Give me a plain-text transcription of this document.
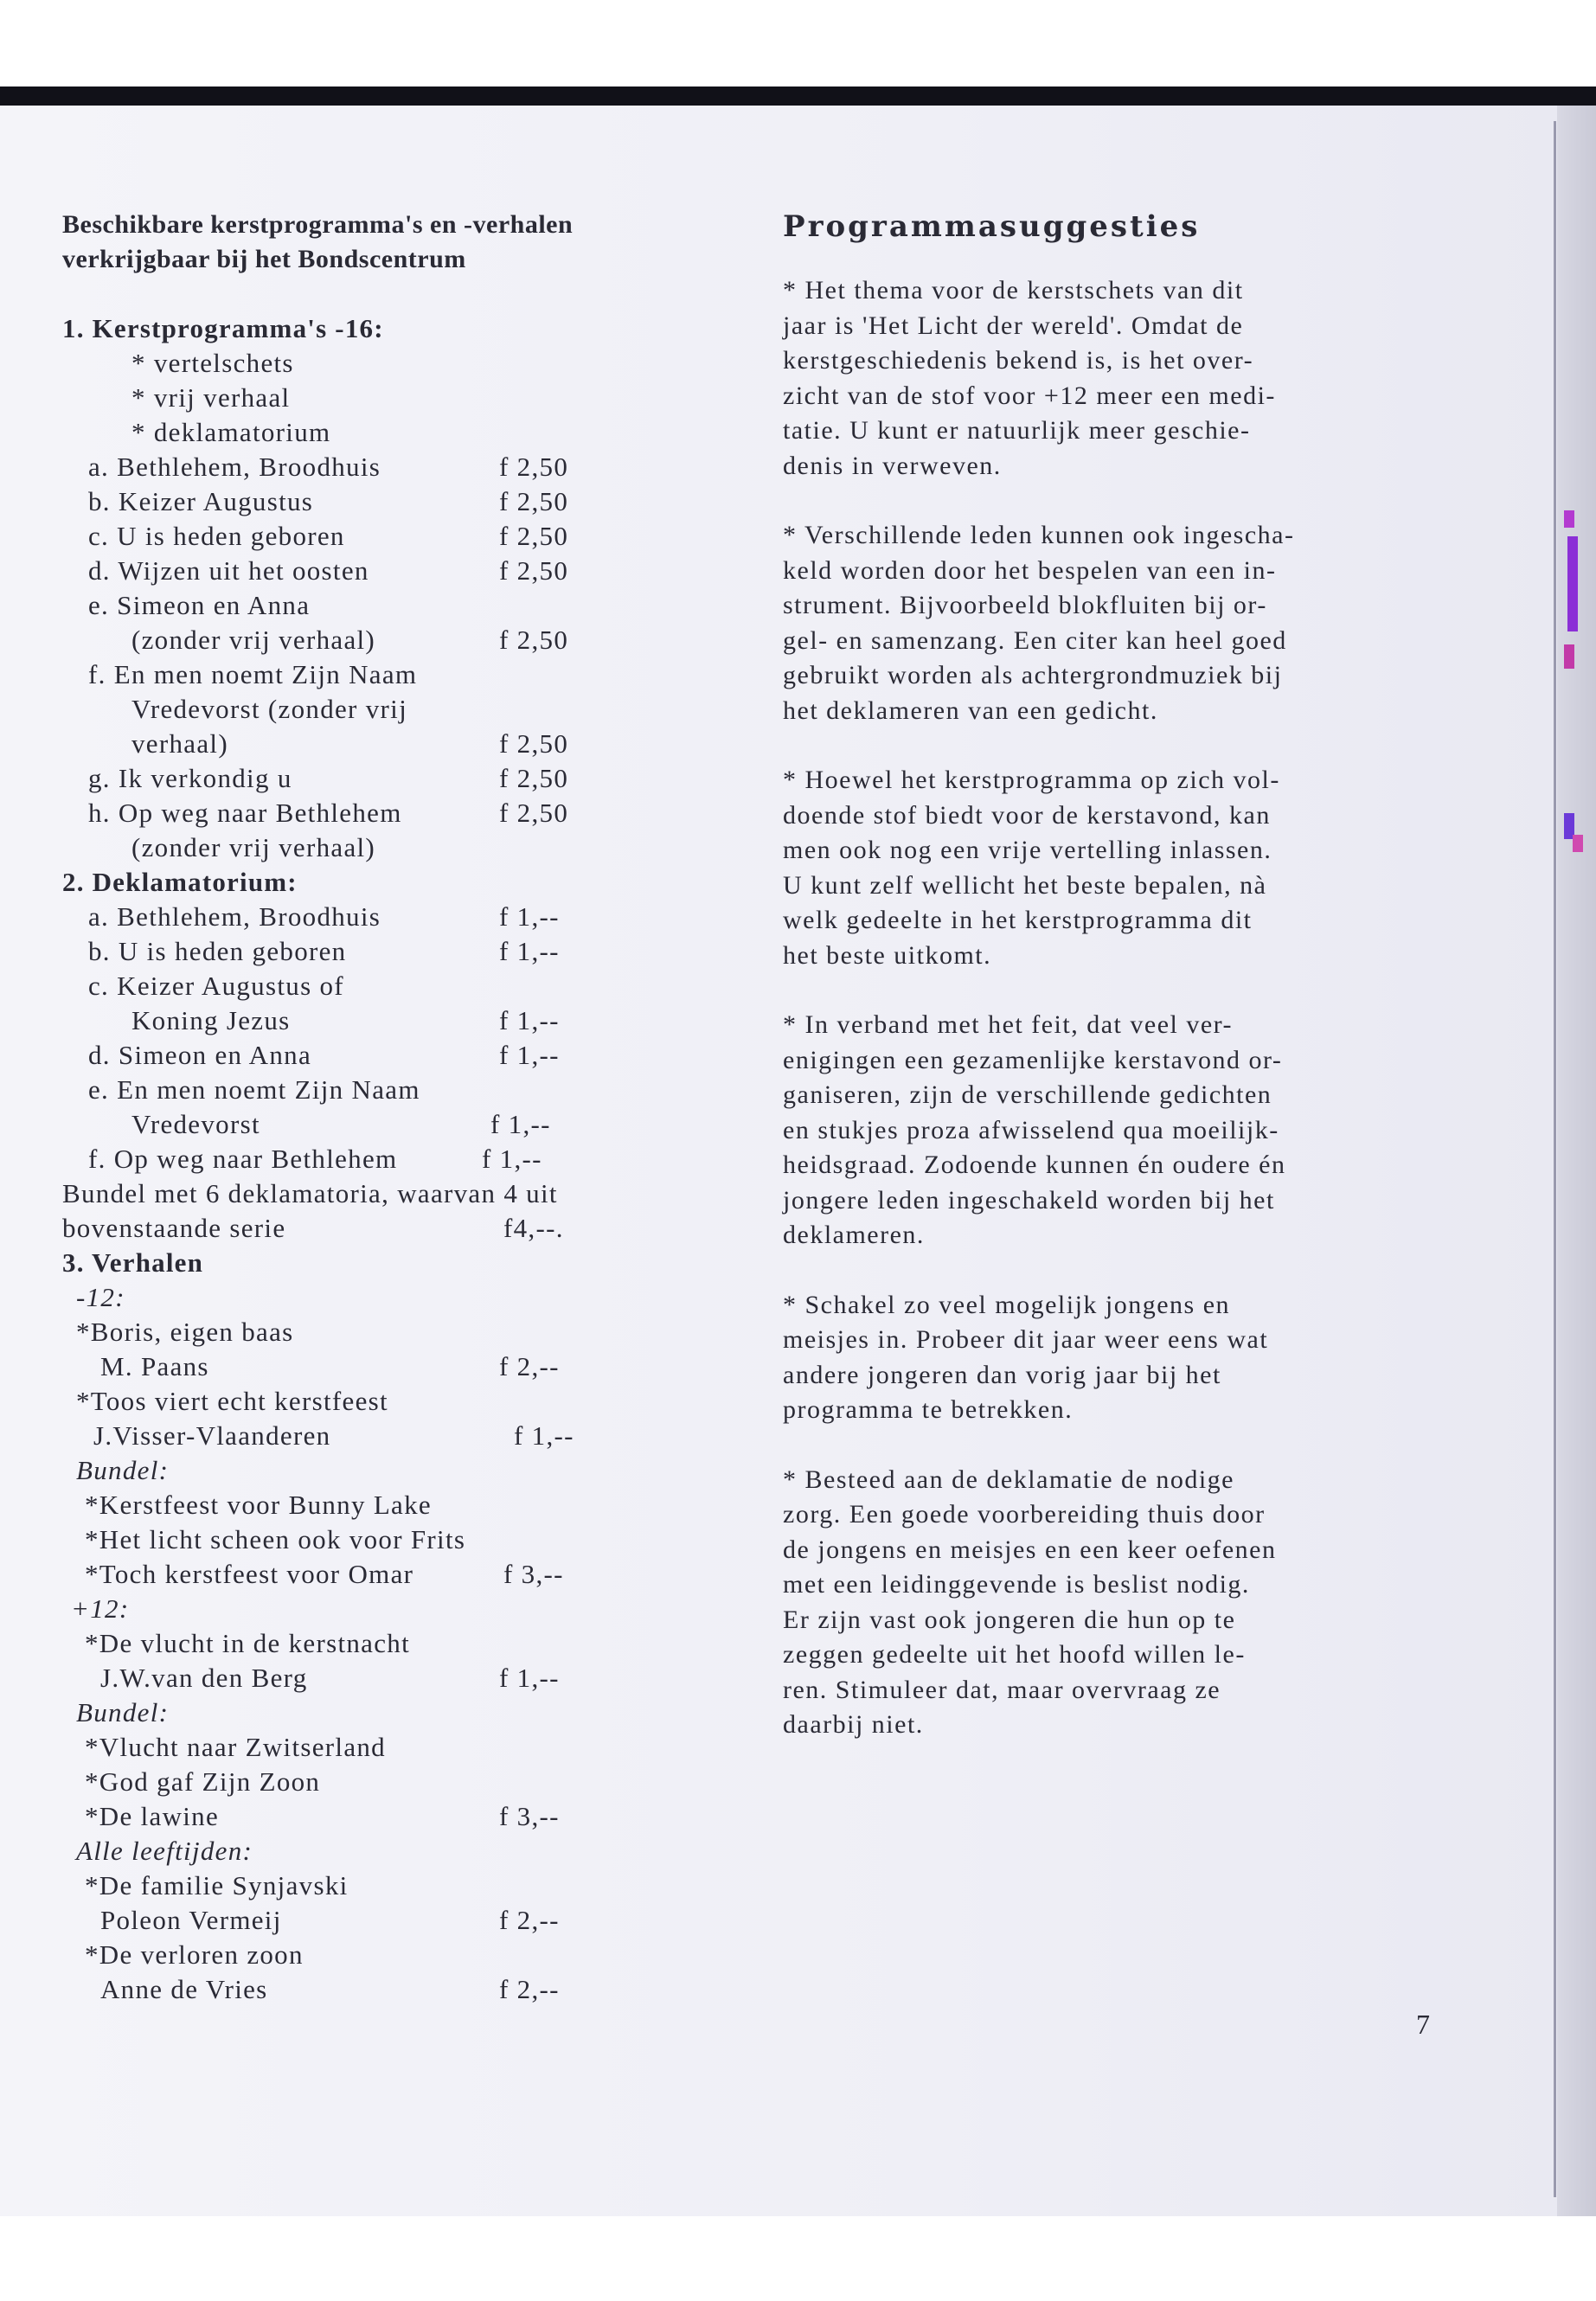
Beschikbare kerstprogramma's en -verhalen
verkrijgbaar bij het Bondscentrum
1. Kerstprogramma's -16:
* vertelschets
* vrij verhaal
* deklamatorium
a. Bethlehem, Broodhuis	f 2,50
b. Keizer Augustus	f 2,50
c. U is heden geboren	f 2,50
d. Wijzen uit het oosten	f 2,50
e. Simeon en Anna
(zonder vrij verhaal)	f 2,50
f. En men noemt Zijn Naam
Vredevorst (zonder vrij
verhaal)	f 2,50
g. Ik verkondig u	f 2,50
h. Op weg naar Bethlehem	f 2,50
(zonder vrij verhaal)
2. Deklamatorium:
a. Bethlehem, Broodhuis	f 1,--
b. U is heden geboren	f 1,--
c. Keizer Augustus of
Koning Jezus	f 1,--
d. Simeon en Anna	f 1,--
e. En men noemt Zijn Naam
Vredevorst	f 1,--
f. Op weg naar Bethlehem	f 1,--
Bundel met 6 deklamatoria, waarvan 4 uit
bovenstaande serie	f4,--.
3. Verhalen
-12:
*Boris, eigen baas
M. Paans	f 2,--
*Toos viert echt kerstfeest
J.Visser-Vlaanderen	f 1,--
Bundel:
*Kerstfeest voor Bunny Lake
*Het licht scheen ook voor Frits
*Toch kerstfeest voor Omar	f 3,--
+12:
*De vlucht in de kerstnacht
J.W.van den Berg	f 1,--
Bundel:
*Vlucht naar Zwitserland
*God gaf Zijn Zoon
*De lawine	f 3,--
Alle leeftijden:
*De familie Synjavski
Poleon Vermeij	f 2,--
*De verloren zoon
Anne de Vries	f 2,--
Programmasuggesties

* Het thema voor de kerstschets van dit
jaar is 'Het Licht der wereld'. Omdat de
kerstgeschiedenis bekend is, is het over-
zicht van de stof voor +12 meer een medi-
tatie. U kunt er natuurlijk meer geschie-
denis in verweven.

* Verschillende leden kunnen ook ingescha-
keld worden door het bespelen van een in-
strument. Bijvoorbeeld blokfluiten bij or-
gel- en samenzang. Een citer kan heel goed
gebruikt worden als achtergrondmuziek bij
het deklameren van een gedicht.

* Hoewel het kerstprogramma op zich vol-
doende stof biedt voor de kerstavond, kan
men ook nog een vrije vertelling inlassen.
U kunt zelf wellicht het beste bepalen, nà
welk gedeelte in het kerstprogramma dit
het beste uitkomt.

* In verband met het feit, dat veel ver-
enigingen een gezamenlijke kerstavond or-
ganiseren, zijn de verschillende gedichten
en stukjes proza afwisselend qua moeilijk-
heidsgraad. Zodoende kunnen én oudere én
jongere leden ingeschakeld worden bij het
deklameren.

* Schakel zo veel mogelijk jongens en
meisjes in. Probeer dit jaar weer eens wat
andere jongeren dan vorig jaar bij het
programma te betrekken.

* Besteed aan de deklamatie de nodige
zorg. Een goede voorbereiding thuis door
de jongens en meisjes en een keer oefenen
met een leidinggevende is beslist nodig.
Er zijn vast ook jongeren die hun op te
zeggen gedeelte uit het hoofd willen le-
ren. Stimuleer dat, maar overvraag ze
daarbij niet.

7
